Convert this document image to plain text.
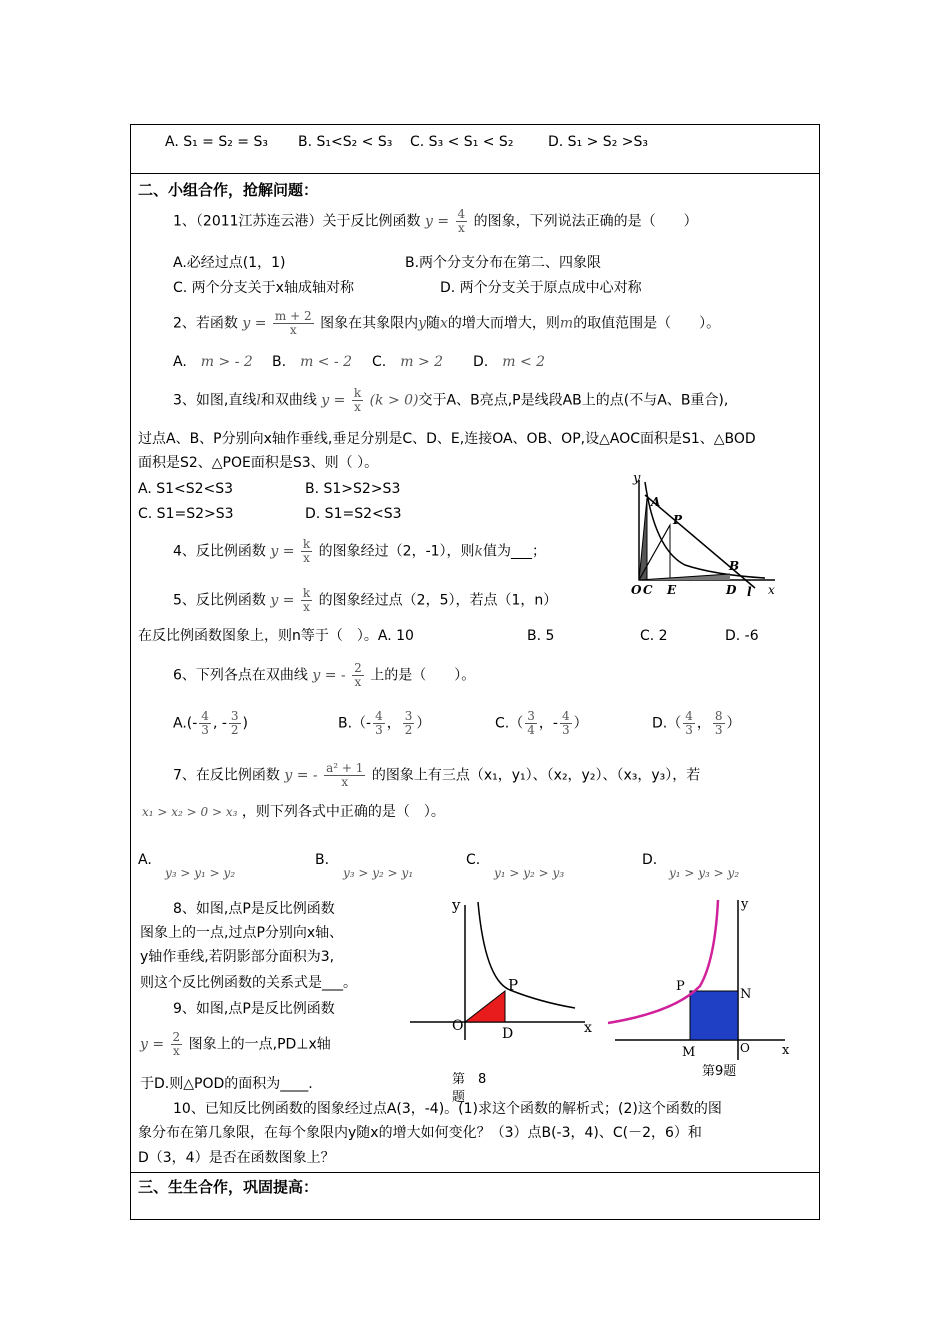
A. S₁ = S₂ = S₃ B. S₁<S₂ < S₃ C. S₃ < S₁ < S₂ D. S₁ > S₂ >S₃
二、小组合作，抢解问题：
1、（2011江苏连云港）关于反比例函数 $y = \frac{4}{x}$ 的图象，下列说法正确的是（　　）
A.必经过点(1，1)	B.两个分支分布在第二、四象限
C. 两个分支关于x轴成轴对称	D. 两个分支关于原点成中心对称
2、若函数 $y = \frac{m + 2}{x}$ 图象在其象限内y随x的增大而增大，则m的取值范围是（　　）。
A.　 m > - 2 B.　 m < - 2 C.　 m > 2 D.　 m < 2
3、如图,直线l和双曲线 $y = \frac{k}{x} (k > 0)$交于A、B亮点,P是线段AB上的点(不与A、B重合),
过点A、B、P分别向x轴作垂线,垂足分别是C、D、E,连接OA、OB、OP,设△AOC面积是S1、△BOD
面积是S2、△POE面积是S3、则（ ）。
A. S1<S2<S3	B. S1>S2>S3
C. S1=S2>S3	D. S1=S2<S3
y
A
P
B
O C E	D l x
4、反比例函数 $y = \frac{k}{x}$ 的图象经过（2，-1），则k值为___；
5、反比例函数 $y = \frac{k}{x}$ 的图象经过点（2，5），若点（1，n）
在反比例函数图象上，则n等于（　）。A. 10	B. 5	C. 2	D. -6
6、下列各点在双曲线 y = - $\frac{2}{x}$ 上的是（　　）。
$A.(- \frac{4}{3}$ , - $\frac{3}{2}$ )	$B.(- \frac{4}{3}$ ， $\frac{3}{2}$ ）	$C.( \frac{3}{4}$ ，- $\frac{4}{3}$ ）	$D.( \frac{4}{3}$ ， $\frac{8}{3}$ ）
7、在反比例函数 y = - $\frac{\text{a² + 1}}{x}$ 的图象上有三点（x₁，y₁）、（x₂，y₂）、（x₃，y₃），若
x₁ > x₂ > 0 > x₃ ，则下列各式中正确的是（　）。
A.
y₃ > y₁ > y₂
B.
y₃ > y₂ > y₁
C.
y₁ > y₂ > y₃
D.
y₁ > y₃ > y₂
8、如图,点P是反比例函数
图象上的一点,过点P分别向x轴、
y轴作垂线,若阴影部分面积为3,
则这个反比例函数的关系式是___。
9、如图,点P是反比例函数
$y = \frac{2}{x}$ 图象上的一点,PD⊥x轴
于D.则△POD的面积为____.
y
P
O	D	x
第　8
题
y
P
N
M	O x
第9题
10、已知反比例函数的图象经过点A(3，-4)。(1)求这个函数的解析式；(2)这个函数的图
象分布在第几象限，在每个象限内y随x的增大如何变化？（3）点B(-3，4)、C(－2，6）和
D（3，4）是否在函数图象上？
三、生生合作，巩固提高：
